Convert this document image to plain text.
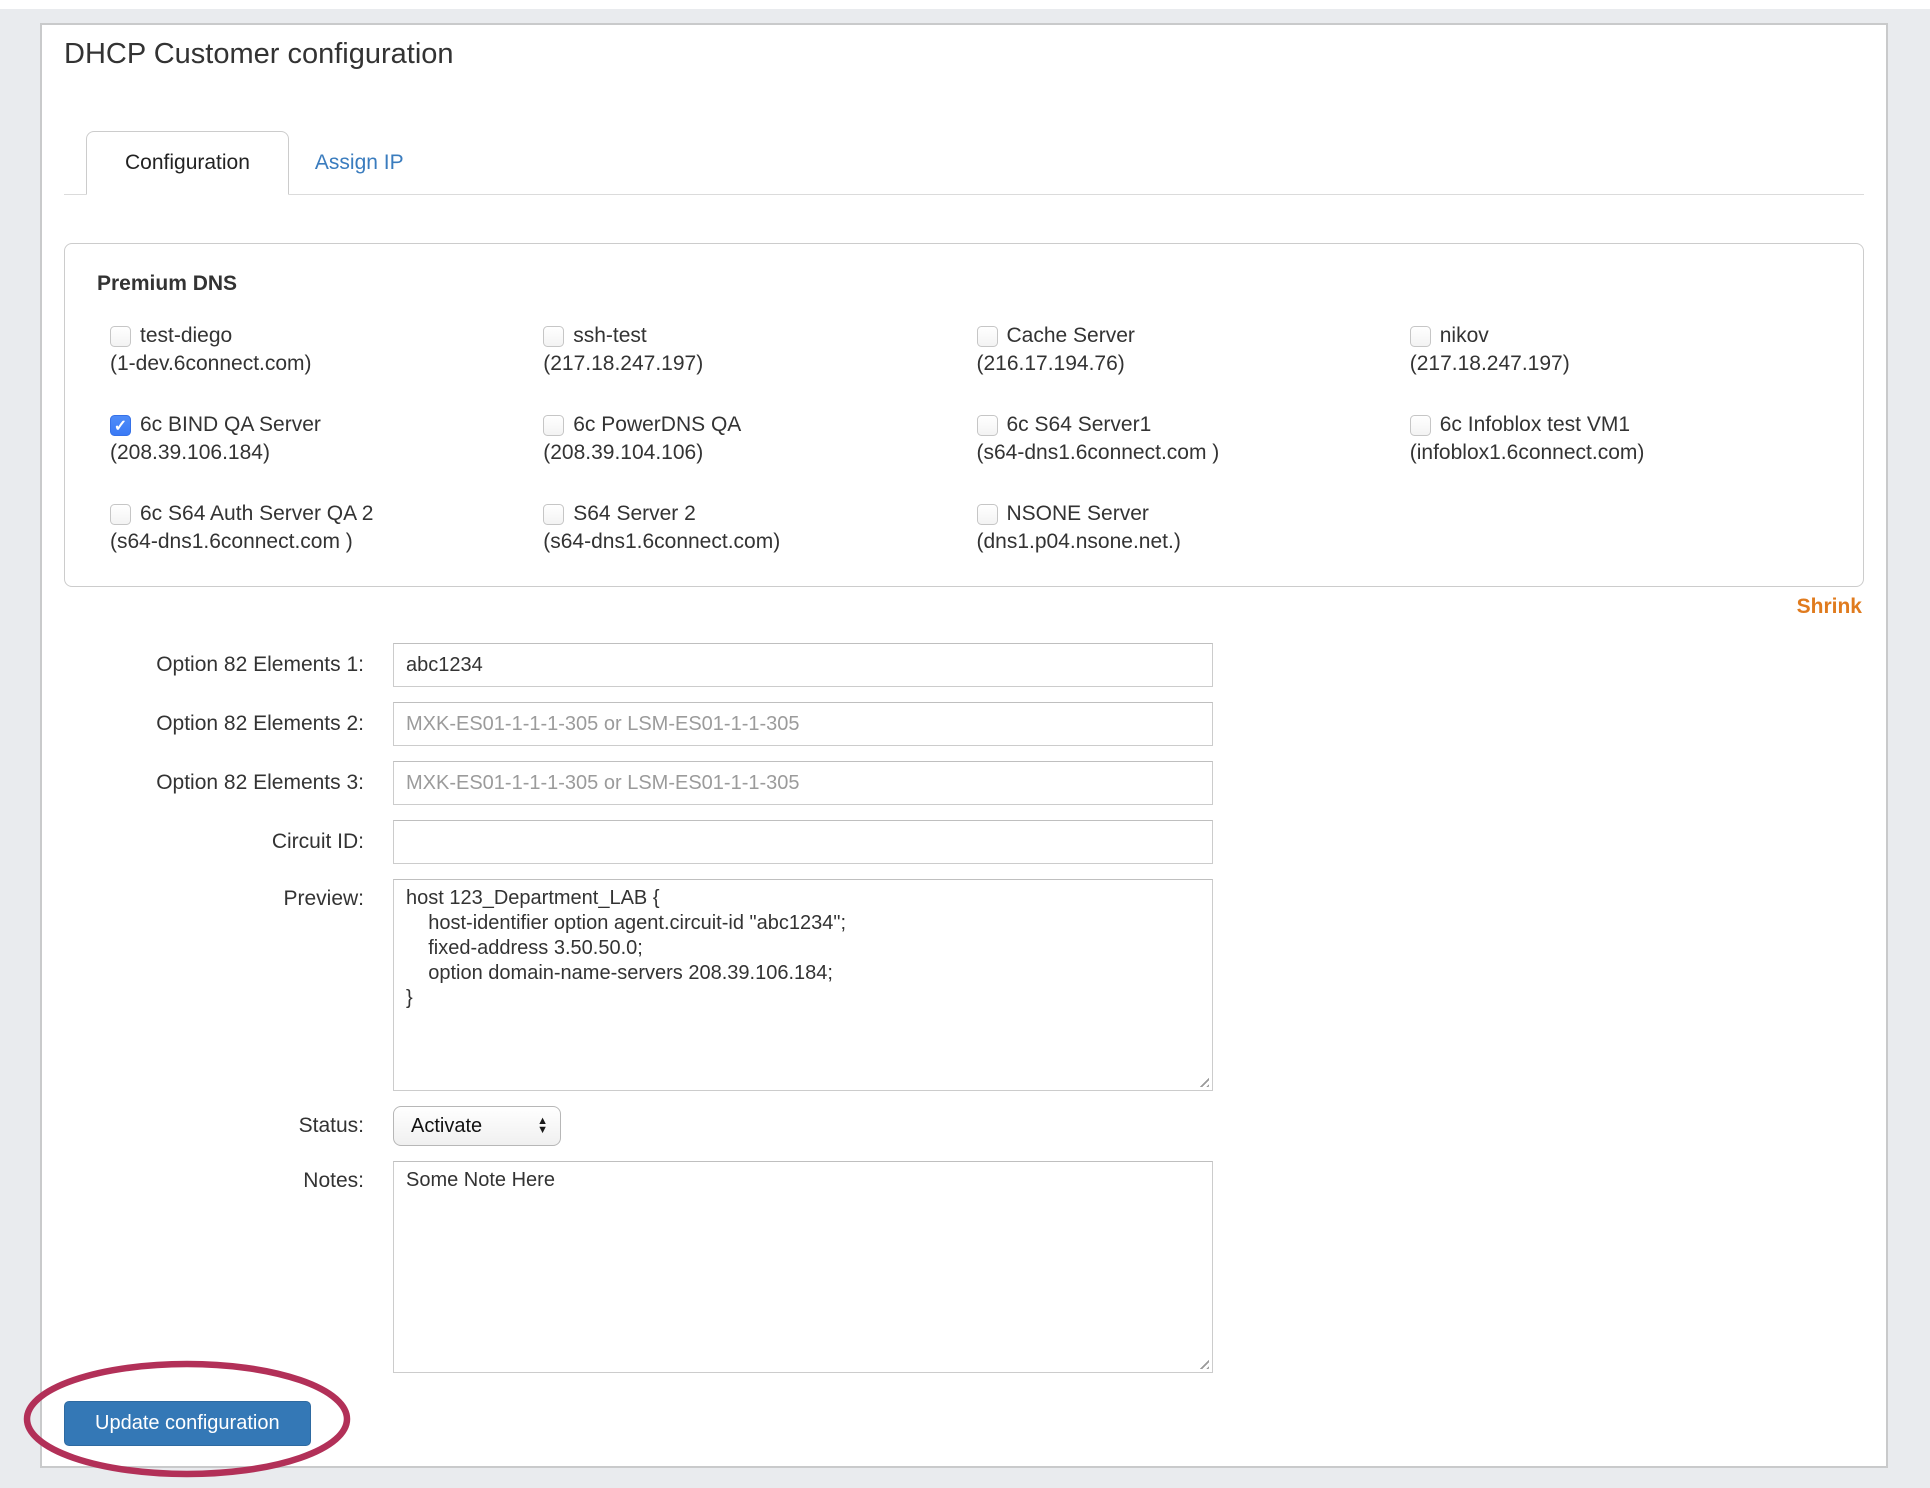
DHCP Customer configuration
Configuration	Assign IP
Premium DNS
test-diego
(1-dev.6connect.com)
ssh-test
(217.18.247.197)
Cache Server
(216.17.194.76)
nikov
(217.18.247.197)
✓
6c BIND QA Server
(208.39.106.184)
6c PowerDNS QA
(208.39.104.106)
6c S64 Server1
(s64-dns1.6connect.com )
6c Infoblox test VM1
(infoblox1.6connect.com)
6c S64 Auth Server QA 2
(s64-dns1.6connect.com )
S64 Server 2
(s64-dns1.6connect.com)
NSONE Server
(dns1.p04.nsone.net.)
Shrink
Option 82 Elements 1:
abc1234
Option 82 Elements 2:
MXK-ES01-1-1-1-305 or LSM-ES01-1-1-305
Option 82 Elements 3:
MXK-ES01-1-1-1-305 or LSM-ES01-1-1-305
Circuit ID:
Preview:
host 123_Department_LAB { host-identifier option agent.circuit-id "abc1234"; fixed-address 3.50.50.0; option domain-name-servers 208.39.106.184; }
Status:
Activate	▲
▼
Notes:
Some Note Here
Update configuration
